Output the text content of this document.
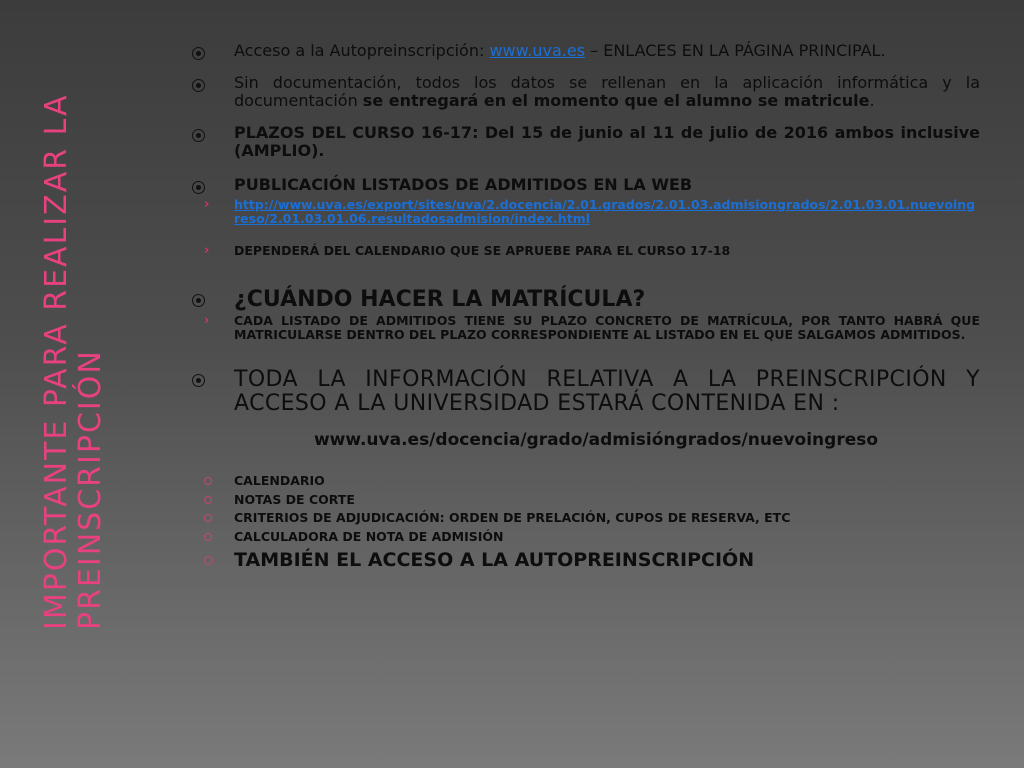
IMPORTANTE PARA REALIZAR LA PREINSCRIPCIÓN
Acceso a la Autopreinscripción: www.uva.es – ENLACES EN LA PÁGINA PRINCIPAL.
Sin documentación, todos los datos se rellenan en la aplicación informática y la documentación se entregará en el momento que el alumno se matricule.
PLAZOS DEL CURSO 16-17: Del 15 de junio al 11 de julio de 2016 ambos inclusive (AMPLIO).
PUBLICACIÓN LISTADOS DE ADMITIDOS EN LA WEB
› http://www.uva.es/export/sites/uva/2.docencia/2.01.grados/2.01.03.admisiongrados/2.01.03.01.nuevoingreso/2.01.03.01.06.resultadosadmision/index.html
› DEPENDERÁ DEL CALENDARIO QUE SE APRUEBE PARA EL CURSO 17-18
¿CUÁNDO HACER LA MATRÍCULA?
› CADA LISTADO DE ADMITIDOS TIENE SU PLAZO CONCRETO DE MATRÍCULA, POR TANTO HABRÁ QUE MATRICULARSE DENTRO DEL PLAZO CORRESPONDIENTE AL LISTADO EN EL QUE SALGAMOS ADMITIDOS.
TODA LA INFORMACIÓN RELATIVA A LA PREINSCRIPCIÓN Y ACCESO A LA UNIVERSIDAD ESTARÁ CONTENIDA EN :
www.uva.es/docencia/grado/admisióngrados/nuevoingreso
CALENDARIO
NOTAS DE CORTE
CRITERIOS DE ADJUDICACIÓN: ORDEN DE PRELACIÓN, CUPOS DE RESERVA, ETC
CALCULADORA DE NOTA DE ADMISIÓN
TAMBIÉN EL ACCESO A LA AUTOPREINSCRIPCIÓN
